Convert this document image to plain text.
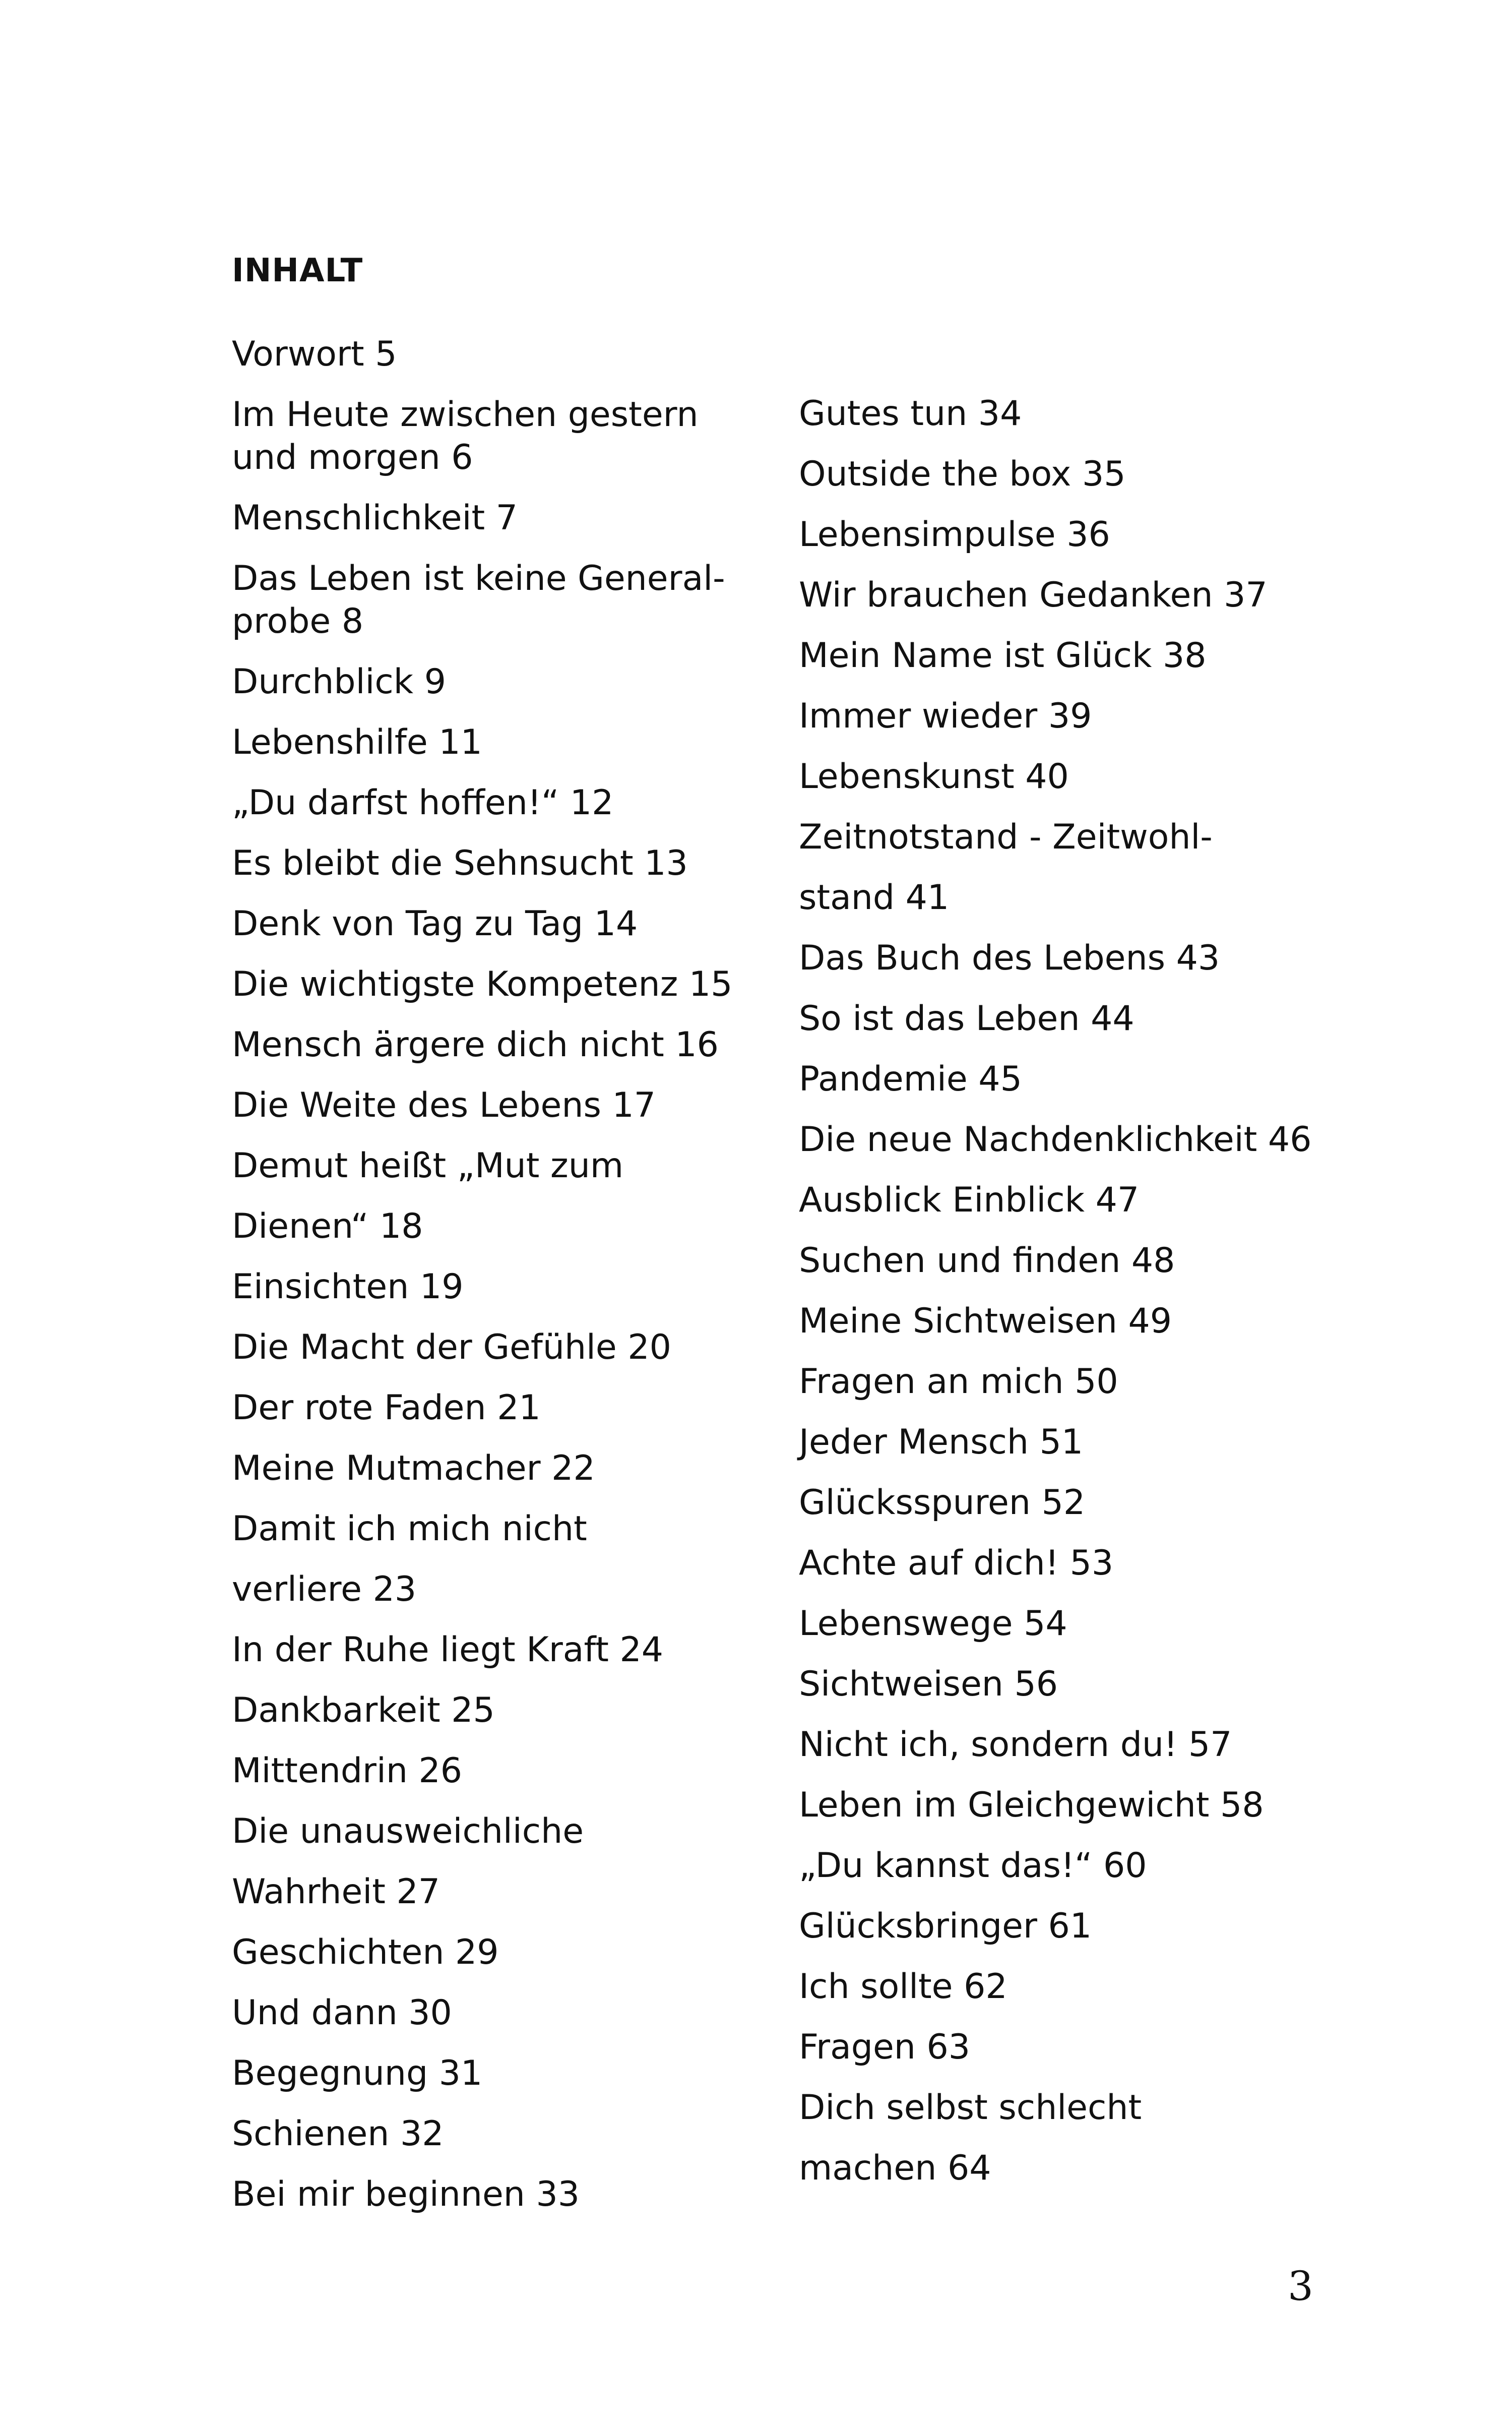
INHALT
Vorwort 5
Im Heute zwischen gestern
und morgen 6
Menschlichkeit 7
Das Leben ist keine General-
probe 8
Durchblick 9
Lebenshilfe 11
„Du darfst hoffen!“ 12
Es bleibt die Sehnsucht 13
Denk von Tag zu Tag 14
Die wichtigste Kompetenz 15
Mensch ärgere dich nicht 16
Die Weite des Lebens 17
Demut heißt „Mut zum
Dienen“ 18
Einsichten 19
Die Macht der Gefühle 20
Der rote Faden 21
Meine Mutmacher 22
Damit ich mich nicht
verliere 23
In der Ruhe liegt Kraft 24
Dankbarkeit 25
Mittendrin 26
Die unausweichliche
Wahrheit 27
Geschichten 29
Und dann 30
Begegnung 31
Schienen 32
Bei mir beginnen 33
Gutes tun 34
Outside the box 35
Lebensimpulse 36
Wir brauchen Gedanken 37
Mein Name ist Glück 38
Immer wieder 39
Lebenskunst 40
Zeitnotstand - Zeitwohl-
stand 41
Das Buch des Lebens 43
So ist das Leben 44
Pandemie 45
Die neue Nachdenklichkeit 46
Ausblick Einblick 47
Suchen und finden 48
Meine Sichtweisen 49
Fragen an mich 50
Jeder Mensch 51
Glücksspuren 52
Achte auf dich! 53
Lebenswege 54
Sichtweisen 56
Nicht ich, sondern du! 57
Leben im Gleichgewicht 58
„Du kannst das!“ 60
Glücksbringer 61
Ich sollte 62
Fragen 63
Dich selbst schlecht
machen 64
3
